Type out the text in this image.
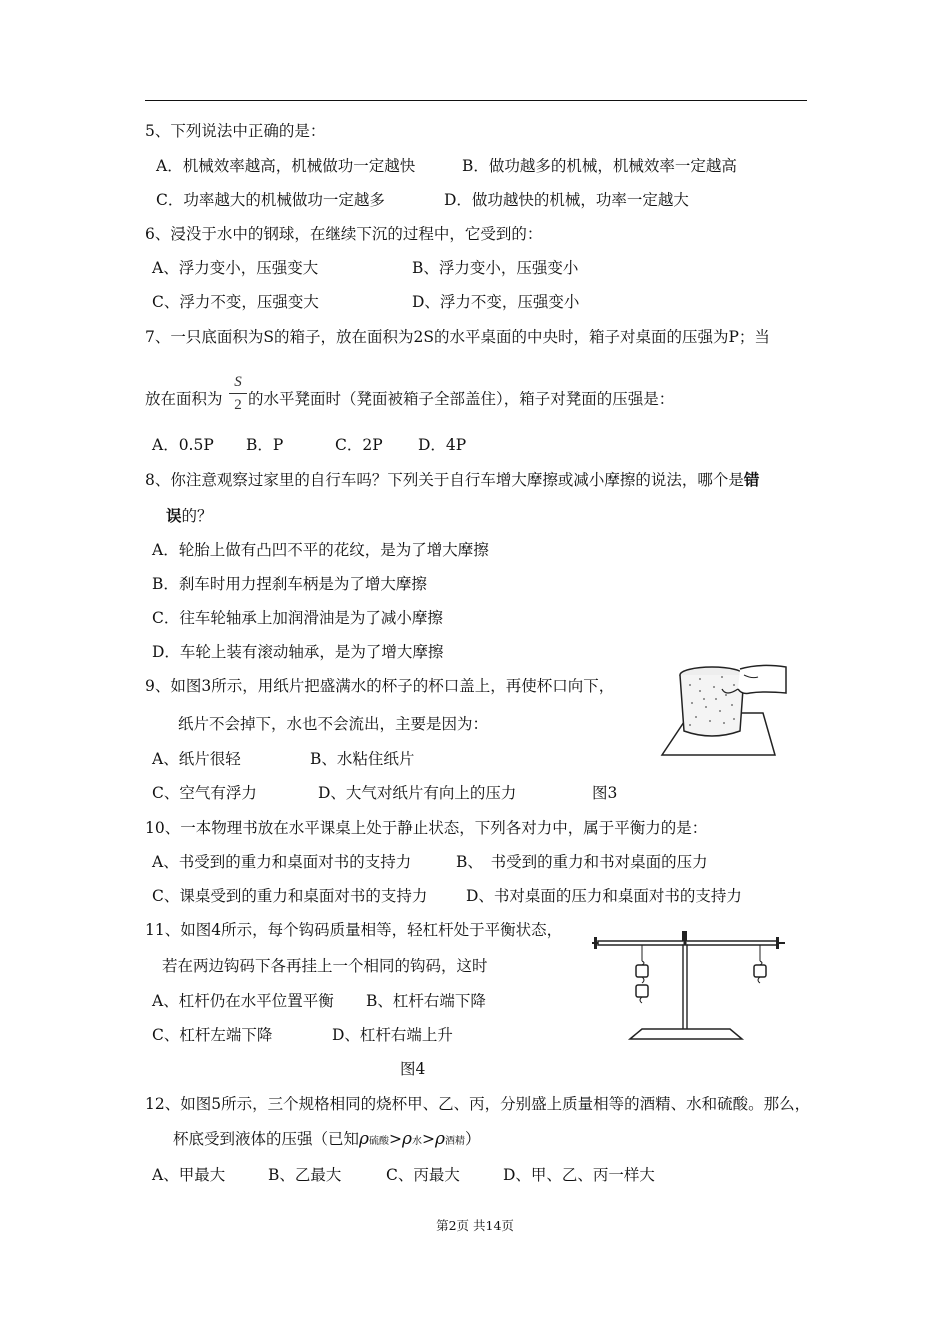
5、下列说法中正确的是：
A．机械效率越高，机械做功一定越快	B．做功越多的机械，机械效率一定越高
C．功率越大的机械做功一定越多	D．做功越快的机械，功率一定越大
6、浸没于水中的钢球，在继续下沉的过程中，它受到的：
A、浮力变小，压强变大	B、浮力变小，压强变小
C、浮力不变，压强变大	D、浮力不变，压强变小
7、一只底面积为S的箱子，放在面积为2S的水平桌面的中央时，箱子对桌面的压强为P；当
放在面积为
S
2 的水平凳面时（凳面被箱子全部盖住），箱子对凳面的压强是：
A．0.5P B．P	C．2P D．4P
8、你注意观察过家里的自行车吗？下列关于自行车增大摩擦或减小摩擦的说法，哪个是错
误的？
A．轮胎上做有凸凹不平的花纹，是为了增大摩擦
B．刹车时用力捏刹车柄是为了增大摩擦
C．往车轮轴承上加润滑油是为了减小摩擦
D．车轮上装有滚动轴承，是为了增大摩擦
9、如图3所示，用纸片把盛满水的杯子的杯口盖上，再使杯口向下，
纸片不会掉下，水也不会流出，主要是因为：
A、纸片很轻	B、水粘住纸片
C、空气有浮力	D、大气对纸片有向上的压力	图3
10、一本物理书放在水平课桌上处于静止状态，下列各对力中，属于平衡力的是：
A、书受到的重力和桌面对书的支持力	B、　书受到的重力和书对桌面的压力
C、课桌受到的重力和桌面对书的支持力 D、书对桌面的压力和桌面对书的支持力
11、如图4所示，每个钩码质量相等，轻杠杆处于平衡状态，
若在两边钩码下各再挂上一个相同的钩码，这时
A、杠杆仍在水平位置平衡 B、杠杆右端下降
C、杠杆左端下降	D、杠杆右端上升
图4
12、如图5所示，三个规格相同的烧杯甲、乙、丙，分别盛上质量相等的酒精、水和硫酸。那么，
杯底受到液体的压强（已知ρ硫酸>ρ水>ρ酒精）
A、甲最大	B、乙最大	C、丙最大	D、甲、乙、丙一样大
第2页 共14页
